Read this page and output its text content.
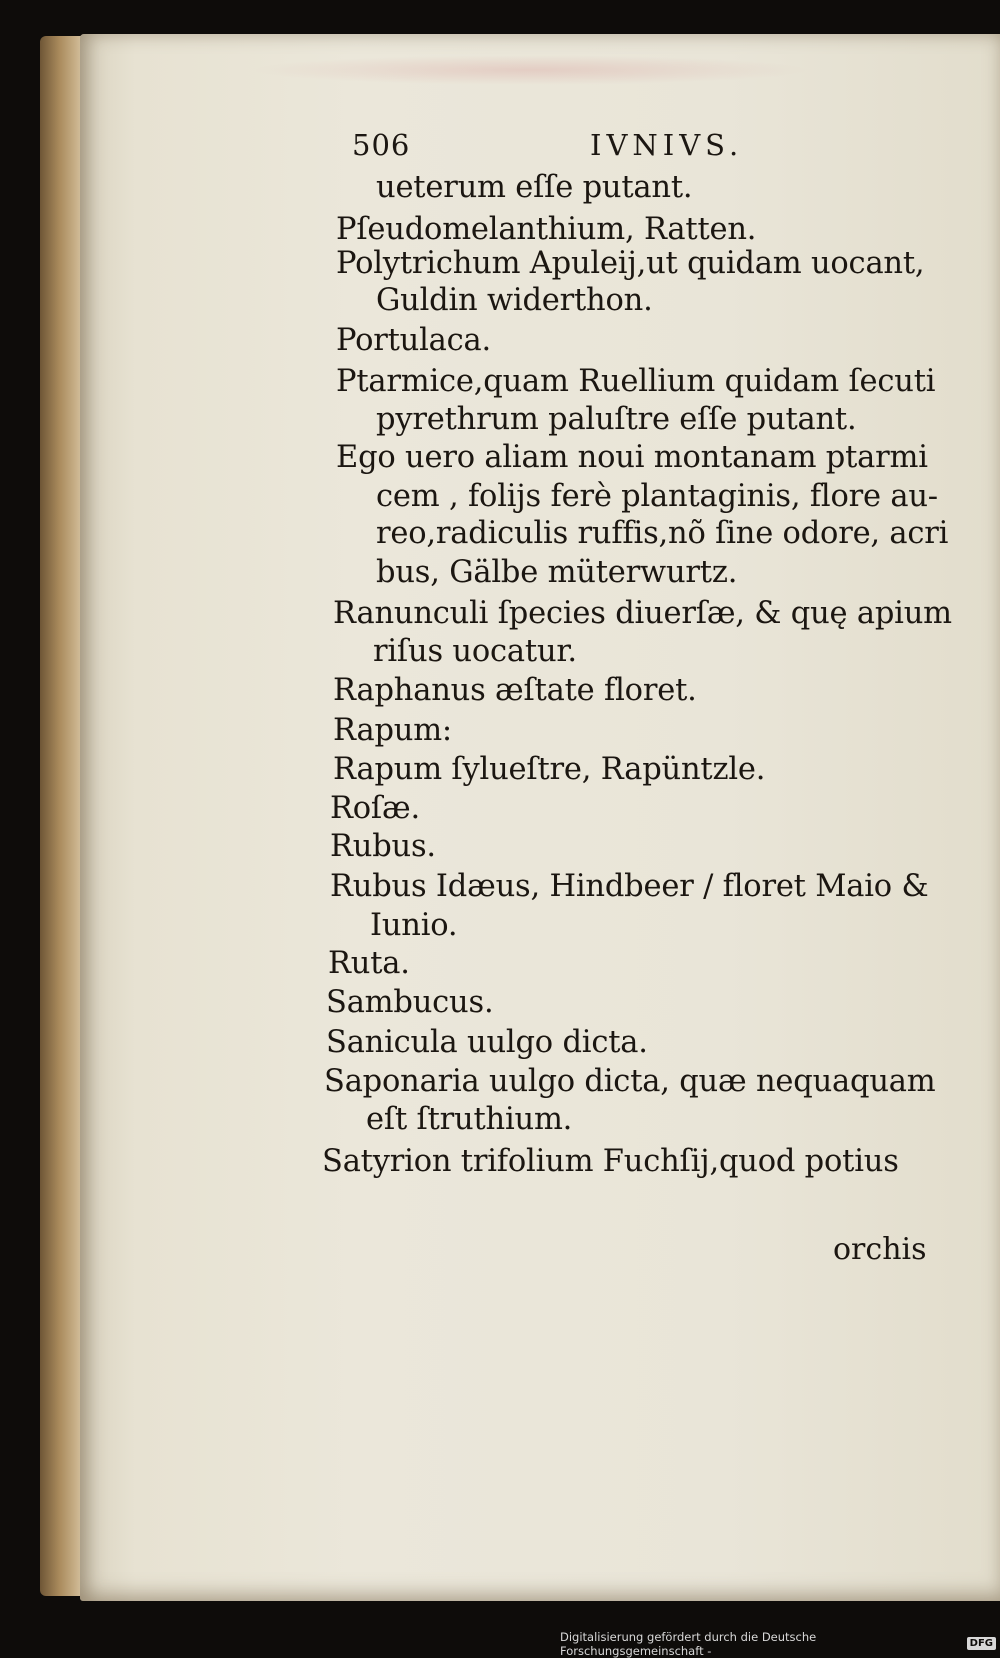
506	IVNIVS.
ueterum eſſe putant.
Pſeudomelanthium, Ratten.
Polytrichum Apuleij,ut quidam uocant,
Guldin widerthon.
Portulaca.
Ptarmice,quam Ruellium quidam ſecuti
pyrethrum paluſtre eſſe putant.
Ego uero aliam noui montanam ptarmi
cem , folijs ferè plantaginis, flore au-
reo,radiculis ruffis,nõ ſine odore, acri
bus, Gälbe müterwurtz.
Ranunculi ſpecies diuerſæ, & quę apium
riſus uocatur.
Raphanus æſtate floret.
Rapum:
Rapum ſylueſtre, Rapüntzle.
Roſæ.
Rubus.
Rubus Idæus, Hindbeer / floret Maio &
Iunio.
Ruta.
Sambucus.
Sanicula uulgo dicta.
Saponaria uulgo dicta, quæ nequaquam
eſt ſtruthium.
Satyrion trifolium Fuchſij,quod potius
orchis
Digitalisierung gefördert durch die Deutsche Forschungsgemeinschaft -	DFG
